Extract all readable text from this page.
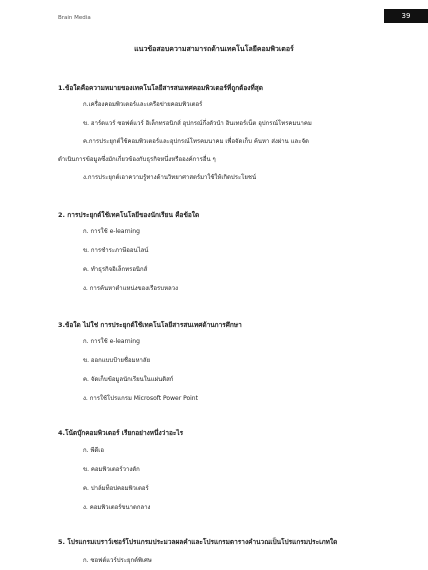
Brain Media	39
แนวข้อสอบความสามารถด้านเทคโนโลยีคอมพิวเตอร์
1.ข้อใดคือความหมายของเทคโนโลยีสารสนเทศคอมพิวเตอร์ที่ถูกต้องที่สุด
ก.เครื่องคอมพิวเตอร์และเครือข่ายคอมพิวเตอร์
ข. ฮาร์ดแวร์ ซอฟต์แวร์ อิเล็กทรอนิกส์ อุปกรณ์กึ่งตัวนำ อินเทอร์เน็ต อุปกรณ์โทรคมนาคม
ค.การประยุกต์ใช้คอมพิวเตอร์และอุปกรณ์โทรคมนาคม เพื่อจัดเก็บ ค้นหา ส่งผ่าน และจัด
ดำเนินการข้อมูลซึ่งมักเกี่ยวข้องกับธุรกิจหนึ่งหรือองค์การอื่น ๆ
ง.การประยุกต์เอาความรู้ทางด้านวิทยาศาสตร์มาใช้ให้เกิดประโยชน์
2. การประยุกต์ใช้เทคโนโลยีของนักเรียน คือข้อใด
ก. การใช้ e-learning
ข. การชำระภาษีออนไลน์
ค. ทำธุรกิจอิเล็กทรอนิกส์
ง. การค้นหาตำแหน่งของเรือรบหลวง
3.ข้อใด ไม่ใช่ การประยุกต์ใช้เทคโนโลยีสารสนเทศด้านการศึกษา
ก. การใช้ e-learning
ข. ออกแบบป้ายชื่อมหาลัย
ค. จัดเก็บข้อมูลนักเรียนในแผ่นดิสก์
ง. การใช้โปรแกรม Microsoft Power Point
4.โน้ตบุ๊กคอมพิวเตอร์ เรียกอย่างหนึ่งว่าอะไร
ก. พีดีเอ
ข. คอมพิวเตอร์วางตัก
ค. ปาล์มท็อปคอมพิวเตอร์
ง. คอมพิวเตอร์ขนาดกลาง
5. โปรแกรมเบราว์เซอร์โปรแกรมประมวลผลคำและโปรแกรมตารางคำนวณเป็นโปรแกรมประเภทใด
ก. ซอฟต์แวร์ประยุกต์พิเศษ
